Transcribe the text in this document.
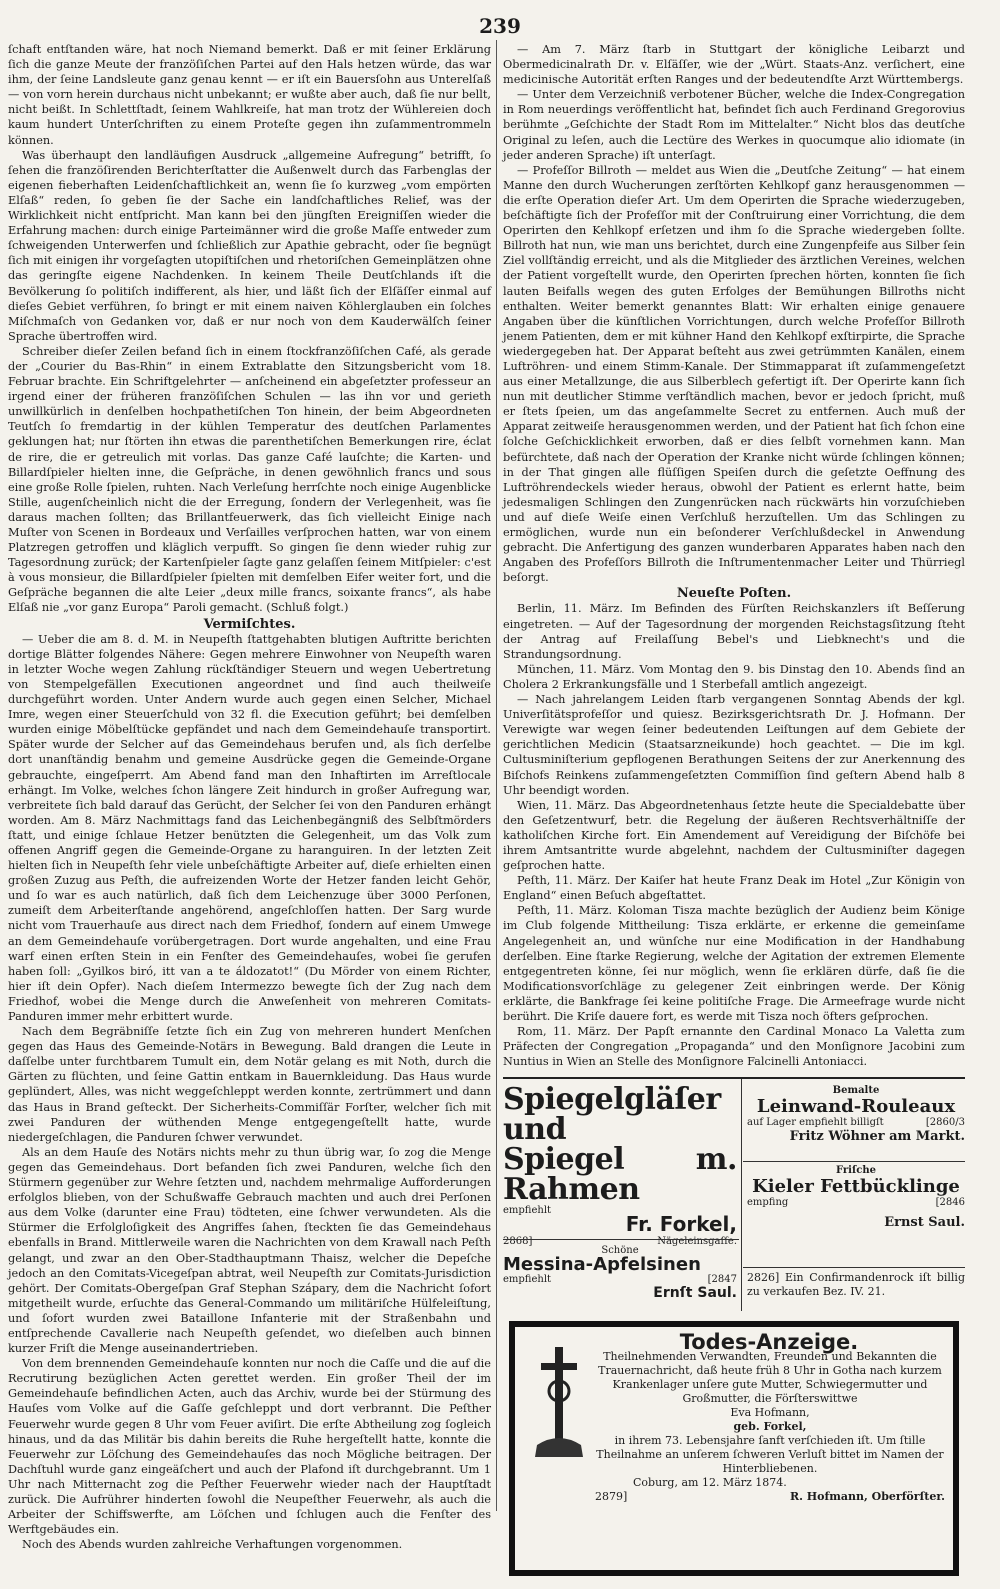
239

ſchaft entſtanden wäre, hat noch Niemand bemerkt. Daß er mit ſeiner Erklärung ſich die ganze Meute der franzöſiſchen Partei auf den Hals hetzen würde, das war ihm, der ſeine Landsleute ganz genau kennt — er iſt ein Bauersſohn aus Unterelſaß — von vorn herein durchaus nicht unbekannt; er wußte aber auch, daß ſie nur bellt, nicht beißt. In Schlettſtadt, ſeinem Wahlkreiſe, hat man trotz der Wühlereien doch kaum hundert Unterſchriften zu einem Proteſte gegen ihn zuſammentrommeln können.

Was überhaupt den landläufigen Ausdruck „allgemeine Aufregung“ betrifft, ſo ſehen die franzöſirenden Berichterſtatter die Außenwelt durch das Farbenglas der eigenen fieberhaften Leidenſchaftlichkeit an, wenn ſie ſo kurzweg „vom empörten Elſaß“ reden, ſo geben ſie der Sache ein landſchaftliches Relief, was der Wirklichkeit nicht entſpricht. Man kann bei den jüngſten Ereigniſſen wieder die Erfahrung machen: durch einige Parteimänner wird die große Maſſe entweder zum ſchweigenden Unterwerfen und ſchließlich zur Apathie gebracht, oder ſie begnügt ſich mit einigen ihr vorgeſagten utopiſtiſchen und rhetoriſchen Gemeinplätzen ohne das geringſte eigene Nachdenken. In keinem Theile Deutſchlands iſt die Bevölkerung ſo politiſch indifferent, als hier, und läßt ſich der Elſäſſer einmal auf dieſes Gebiet verführen, ſo bringt er mit einem naiven Köhlerglauben ein ſolches Miſchmaſch von Gedanken vor, daß er nur noch von dem Kauderwälſch ſeiner Sprache übertroffen wird.

Schreiber dieſer Zeilen befand ſich in einem ſtockfranzöſiſchen Café, als gerade der „Courier du Bas-Rhin“ in einem Extrablatte den Sitzungsbericht vom 18. Februar brachte. Ein Schriftgelehrter — anſcheinend ein abgeſetzter professeur an irgend einer der früheren franzöſiſchen Schulen — las ihn vor und gerieth unwillkürlich in denſelben hochpathetiſchen Ton hinein, der beim Abgeordneten Teutſch ſo fremdartig in der kühlen Temperatur des deutſchen Parlamentes geklungen hat; nur ſtörten ihn etwas die parenthetiſchen Bemerkungen rire, éclat de rire, die er getreulich mit vorlas. Das ganze Café lauſchte; die Karten- und Billardſpieler hielten inne, die Geſpräche, in denen gewöhnlich francs und sous eine große Rolle ſpielen, ruhten. Nach Verleſung herrſchte noch einige Augenblicke Stille, augenſcheinlich nicht die der Erregung, ſondern der Verlegenheit, was ſie daraus machen ſollten; das Brillantfeuerwerk, das ſich vielleicht Einige nach Muſter von Scenen in Bordeaux und Verſailles verſprochen hatten, war von einem Platzregen getroffen und kläglich verpufft. So gingen ſie denn wieder ruhig zur Tagesordnung zurück; der Kartenſpieler ſagte ganz gelaſſen ſeinem Mitſpieler: c'est à vous monsieur, die Billardſpieler ſpielten mit demſelben Eifer weiter fort, und die Geſpräche begannen die alte Leier „deux mille francs, soixante francs“, als habe Elſaß nie „vor ganz Europa“ Paroli gemacht. (Schluß folgt.)

Vermiſchtes.

— Ueber die am 8. d. M. in Neupeſth ſtattgehabten blutigen Auftritte berichten dortige Blätter folgendes Nähere: Gegen mehrere Einwohner von Neupeſth waren in letzter Woche wegen Zahlung rückſtändiger Steuern und wegen Uebertretung von Stempelgefällen Executionen angeordnet und ſind auch theilweiſe durchgeführt worden. Unter Andern wurde auch gegen einen Selcher, Michael Imre, wegen einer Steuerſchuld von 32 fl. die Execution geführt; bei demſelben wurden einige Möbelſtücke gepfändet und nach dem Gemeindehauſe transportirt. Später wurde der Selcher auf das Gemeindehaus berufen und, als ſich derſelbe dort unanſtändig benahm und gemeine Ausdrücke gegen die Gemeinde-Organe gebrauchte, eingeſperrt. Am Abend fand man den Inhaftirten im Arreſtlocale erhängt. Im Volke, welches ſchon längere Zeit hindurch in großer Aufregung war, verbreitete ſich bald darauf das Gerücht, der Selcher ſei von den Panduren erhängt worden. Am 8. März Nachmittags fand das Leichenbegängniß des Selbſtmörders ſtatt, und einige ſchlaue Hetzer benützten die Gelegenheit, um das Volk zum offenen Angriff gegen die Gemeinde-Organe zu haranguiren. In der letzten Zeit hielten ſich in Neupeſth ſehr viele unbeſchäftigte Arbeiter auf, dieſe erhielten einen großen Zuzug aus Peſth, die aufreizenden Worte der Hetzer fanden leicht Gehör, und ſo war es auch natürlich, daß ſich dem Leichenzuge über 3000 Perſonen, zumeiſt dem Arbeiterſtande angehörend, angeſchloſſen hatten. Der Sarg wurde nicht vom Trauerhauſe aus direct nach dem Friedhof, ſondern auf einem Umwege an dem Gemeindehauſe vorübergetragen. Dort wurde angehalten, und eine Frau warf einen erſten Stein in ein Fenſter des Gemeindehauſes, wobei ſie gerufen haben ſoll: „Gyilkos biró, itt van a te áldozatot!“ (Du Mörder von einem Richter, hier iſt dein Opfer). Nach dieſem Intermezzo bewegte ſich der Zug nach dem Friedhof, wobei die Menge durch die Anweſenheit von mehreren Comitats-Panduren immer mehr erbittert wurde.

Nach dem Begräbniſſe ſetzte ſich ein Zug von mehreren hundert Menſchen gegen das Haus des Gemeinde-Notärs in Bewegung. Bald drangen die Leute in daſſelbe unter furchtbarem Tumult ein, dem Notär gelang es mit Noth, durch die Gärten zu flüchten, und ſeine Gattin entkam in Bauernkleidung. Das Haus wurde geplündert, Alles, was nicht weggeſchleppt werden konnte, zertrümmert und dann das Haus in Brand geſteckt. Der Sicherheits-Commiſſär Forſter, welcher ſich mit zwei Panduren der wüthenden Menge entgegengeſtellt hatte, wurde niedergeſchlagen, die Panduren ſchwer verwundet.

Als an dem Hauſe des Notärs nichts mehr zu thun übrig war, ſo zog die Menge gegen das Gemeindehaus. Dort befanden ſich zwei Panduren, welche ſich den Stürmern gegenüber zur Wehre ſetzten und, nachdem mehrmalige Aufforderungen erfolglos blieben, von der Schußwaffe Gebrauch machten und auch drei Perſonen aus dem Volke (darunter eine Frau) tödteten, eine ſchwer verwundeten. Als die Stürmer die Erfolgloſigkeit des Angriffes ſahen, ſteckten ſie das Gemeindehaus ebenfalls in Brand. Mittlerweile waren die Nachrichten von dem Krawall nach Peſth gelangt, und zwar an den Ober-Stadthauptmann Thaisz, welcher die Depeſche jedoch an den Comitats-Vicegeſpan abtrat, weil Neupeſth zur Comitats-Jurisdiction gehört. Der Comitats-Obergeſpan Graf Stephan Szápary, dem die Nachricht ſofort mitgetheilt wurde, erſuchte das General-Commando um militäriſche Hülfeleiſtung, und ſofort wurden zwei Bataillone Infanterie mit der Straßenbahn und entſprechende Cavallerie nach Neupeſth geſendet, wo dieſelben auch binnen kurzer Friſt die Menge auseinandertrieben.

Von dem brennenden Gemeindehauſe konnten nur noch die Caſſe und die auf die Recrutirung bezüglichen Acten gerettet werden. Ein großer Theil der im Gemeindehauſe befindlichen Acten, auch das Archiv, wurde bei der Stürmung des Hauſes vom Volke auf die Gaſſe geſchleppt und dort verbrannt. Die Peſther Feuerwehr wurde gegen 8 Uhr vom Feuer aviſirt. Die erſte Abtheilung zog ſogleich hinaus, und da das Militär bis dahin bereits die Ruhe hergeſtellt hatte, konnte die Feuerwehr zur Löſchung des Gemeindehauſes das noch Mögliche beitragen. Der Dachſtuhl wurde ganz eingeäſchert und auch der Plafond iſt durchgebrannt. Um 1 Uhr nach Mitternacht zog die Peſther Feuerwehr wieder nach der Hauptſtadt zurück. Die Aufrührer hinderten ſowohl die Neupeſther Feuerwehr, als auch die Arbeiter der Schiffswerfte, am Löſchen und ſchlugen auch die Fenſter des Werftgebäudes ein.

Noch des Abends wurden zahlreiche Verhaftungen vorgenommen.

— Am 7. März ſtarb in Stuttgart der königliche Leibarzt und Obermedicinalrath Dr. v. Elſäſſer, wie der „Würt. Staats-Anz. verſichert, eine medicinische Autorität erſten Ranges und der bedeutendſte Arzt Württembergs.

— Unter dem Verzeichniß verbotener Bücher, welche die Index-Congregation in Rom neuerdings veröffentlicht hat, befindet ſich auch Ferdinand Gregorovius berühmte „Geſchichte der Stadt Rom im Mittelalter.“ Nicht blos das deutſche Original zu leſen, auch die Lectüre des Werkes in quocumque alio idiomate (in jeder anderen Sprache) iſt unterſagt.

— Profeſſor Billroth — meldet aus Wien die „Deutſche Zeitung“ — hat einem Manne den durch Wucherungen zerſtörten Kehlkopf ganz herausgenommen — die erſte Operation dieſer Art. Um dem Operirten die Sprache wiederzugeben, beſchäftigte ſich der Profeſſor mit der Conſtruirung einer Vorrichtung, die dem Operirten den Kehlkopf erſetzen und ihm ſo die Sprache wiedergeben ſollte. Billroth hat nun, wie man uns berichtet, durch eine Zungenpfeife aus Silber ſein Ziel vollſtändig erreicht, und als die Mitglieder des ärztlichen Vereines, welchen der Patient vorgeſtellt wurde, den Operirten ſprechen hörten, konnten ſie ſich lauten Beifalls wegen des guten Erfolges der Bemühungen Billroths nicht enthalten. Weiter bemerkt genanntes Blatt: Wir erhalten einige genauere Angaben über die künſtlichen Vorrichtungen, durch welche Profeſſor Billroth jenem Patienten, dem er mit kühner Hand den Kehlkopf exſtirpirte, die Sprache wiedergegeben hat. Der Apparat beſteht aus zwei getrümmten Kanälen, einem Luftröhren- und einem Stimm-Kanale. Der Stimmapparat iſt zuſammengeſetzt aus einer Metallzunge, die aus Silberblech gefertigt iſt. Der Operirte kann ſich nun mit deutlicher Stimme verſtändlich machen, bevor er jedoch ſpricht, muß er ſtets ſpeien, um das angeſammelte Secret zu entfernen. Auch muß der Apparat zeitweiſe herausgenommen werden, und der Patient hat ſich ſchon eine ſolche Geſchicklichkeit erworben, daß er dies ſelbſt vornehmen kann. Man befürchtete, daß nach der Operation der Kranke nicht würde ſchlingen können; in der That gingen alle flüſſigen Speiſen durch die geſetzte Oeffnung des Luftröhrendeckels wieder heraus, obwohl der Patient es erlernt hatte, beim jedesmaligen Schlingen den Zungenrücken nach rückwärts hin vorzuſchieben und auf dieſe Weiſe einen Verſchluß herzuſtellen. Um das Schlingen zu ermöglichen, wurde nun ein beſonderer Verſchlußdeckel in Anwendung gebracht. Die Anfertigung des ganzen wunderbaren Apparates haben nach den Angaben des Profeſſors Billroth die Inſtrumentenmacher Leiter und Thürriegl beſorgt.

Neueſte Poſten.

Berlin, 11. März. Im Befinden des Fürſten Reichskanzlers iſt Beſſerung eingetreten. — Auf der Tagesordnung der morgenden Reichstagsſitzung ſteht der Antrag auf Freilaſſung Bebel's und Liebknecht's und die Strandungsordnung.

München, 11. März. Vom Montag den 9. bis Dinstag den 10. Abends ſind an Cholera 2 Erkrankungsfälle und 1 Sterbefall amtlich angezeigt.

— Nach jahrelangem Leiden ſtarb vergangenen Sonntag Abends der kgl. Univerſitätsprofeſſor und quiesz. Bezirksgerichtsrath Dr. J. Hofmann. Der Verewigte war wegen ſeiner bedeutenden Leiſtungen auf dem Gebiete der gerichtlichen Medicin (Staatsarzneikunde) hoch geachtet. — Die im kgl. Cultusminiſterium gepflogenen Berathungen Seitens der zur Anerkennung des Biſchofs Reinkens zuſammengeſetzten Commiſſion ſind geſtern Abend halb 8 Uhr beendigt worden.

Wien, 11. März. Das Abgeordnetenhaus ſetzte heute die Specialdebatte über den Geſetzentwurf, betr. die Regelung der äußeren Rechtsverhältniſſe der katholiſchen Kirche fort. Ein Amendement auf Vereidigung der Biſchöfe bei ihrem Amtsantritte wurde abgelehnt, nachdem der Cultusminiſter dagegen geſprochen hatte.

Peſth, 11. März. Der Kaiſer hat heute Franz Deak im Hotel „Zur Königin von England“ einen Beſuch abgeſtattet.

Peſth, 11. März. Koloman Tisza machte bezüglich der Audienz beim Könige im Club folgende Mittheilung: Tisza erklärte, er erkenne die gemeinſame Angelegenheit an, und wünſche nur eine Modification in der Handhabung derſelben. Eine ſtarke Regierung, welche der Agitation der extremen Elemente entgegentreten könne, ſei nur möglich, wenn ſie erklären dürfe, daß ſie die Modificationsvorſchläge zu gelegener Zeit einbringen werde. Der König erklärte, die Bankfrage ſei keine politiſche Frage. Die Armeefrage wurde nicht berührt. Die Kriſe dauere fort, es werde mit Tisza noch öfters geſprochen.

Rom, 11. März. Der Papſt ernannte den Cardinal Monaco La Valetta zum Präfecten der Congregation „Propaganda“ und den Monſignore Jacobini zum Nuntius in Wien an Stelle des Monſignore Falcinelli Antoniacci.

Spiegelgläſer und
Spiegel m. Rahmen
empfiehlt
Fr. Forkel,
2868]	Nägeleinsgaſſe.
Schöne
Messina-Apfelsinen
empfiehlt	[2847
Ernſt Saul.
Bemalte
Leinwand-Rouleaux
auf Lager empfiehlt billigſt	[2860/3
Fritz Wöhner am Markt.
Friſche
Kieler Fettbücklinge
empfing	[2846
Ernst Saul.
2826] Ein Confirmandenrock iſt billig zu verkaufen Bez. IV. 21.
Todes-Anzeige.
Theilnehmenden Verwandten, Freunden und Bekannten die Trauernachricht, daß heute früh 8 Uhr in Gotha nach kurzem Krankenlager unſere gute Mutter, Schwiegermutter und Großmutter, die Förſterswittwe
Eva Hofmann,
geb. Forkel,
in ihrem 73. Lebensjahre ſanft verſchieden iſt. Um ſtille Theilnahme an unſerem ſchweren Verluſt bittet im Namen der Hinterbliebenen.
Coburg, am 12. März 1874.
2879]	R. Hofmann, Oberförſter.
